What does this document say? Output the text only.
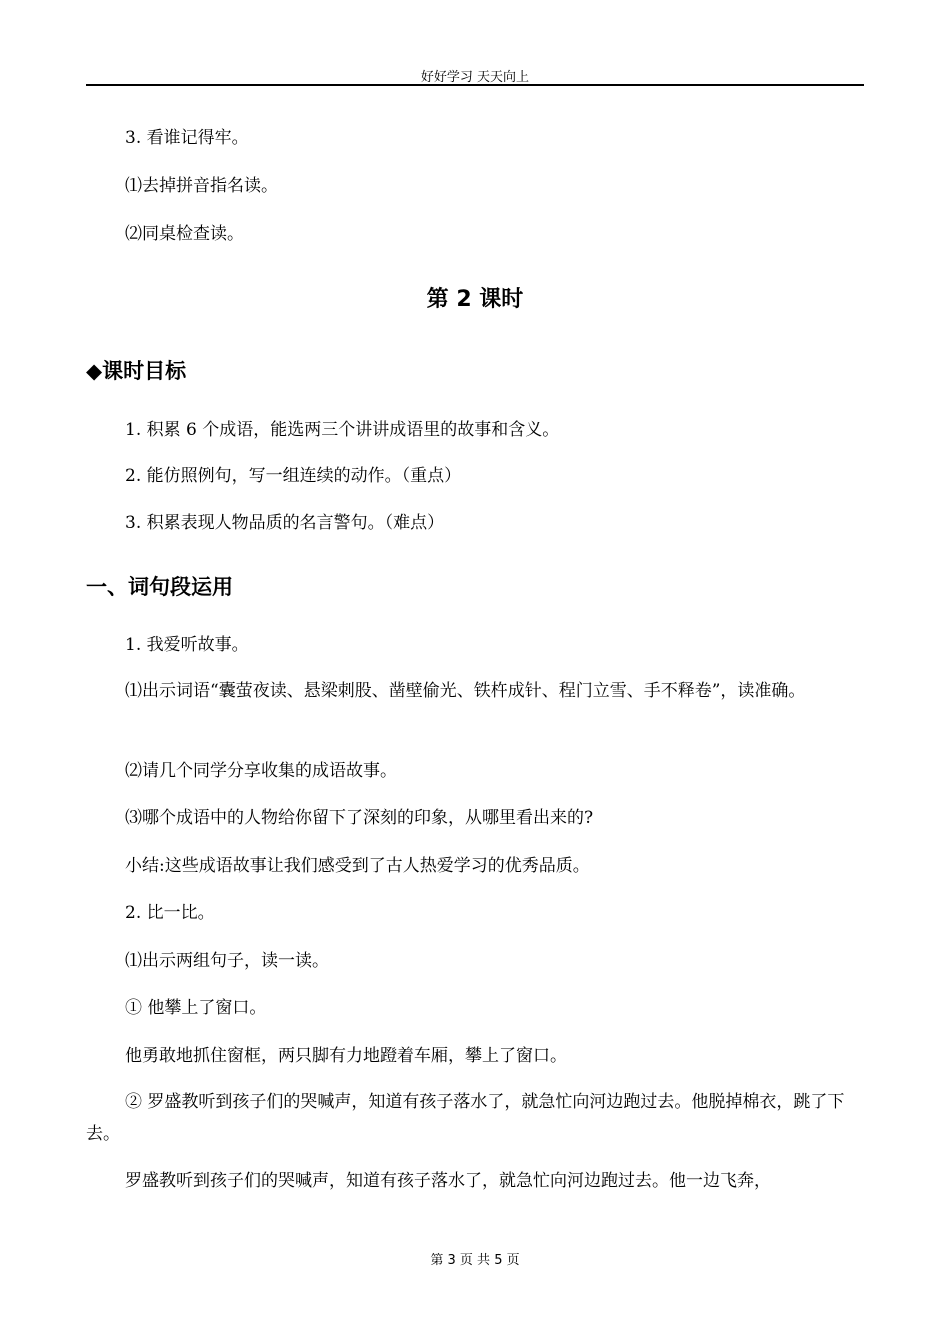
好好学习 天天向上
3. 看谁记得牢。
⑴去掉拼音指名读。
⑵同桌检查读。
第 2 课时
◆课时目标
1. 积累 6 个成语，能选两三个讲讲成语里的故事和含义。
2. 能仿照例句，写一组连续的动作。（重点）
3. 积累表现人物品质的名言警句。（难点）
一、词句段运用
1. 我爱听故事。

⑴出示词语“囊萤夜读、悬梁刺股、凿壁偷光、铁杵成针、程门立雪、手不释卷”，读准确。

⑵请几个同学分享收集的成语故事。
⑶哪个成语中的人物给你留下了深刻的印象，从哪里看出来的?
小结:这些成语故事让我们感受到了古人热爱学习的优秀品质。
2. 比一比。
⑴出示两组句子，读一读。
① 他攀上了窗口。
他勇敢地抓住窗框，两只脚有力地蹬着车厢，攀上了窗口。

② 罗盛教听到孩子们的哭喊声，知道有孩子落水了，就急忙向河边跑过去。他脱掉棉衣，跳了下去。

罗盛教听到孩子们的哭喊声，知道有孩子落水了，就急忙向河边跑过去。他一边飞奔，
第 3 页 共 5 页
